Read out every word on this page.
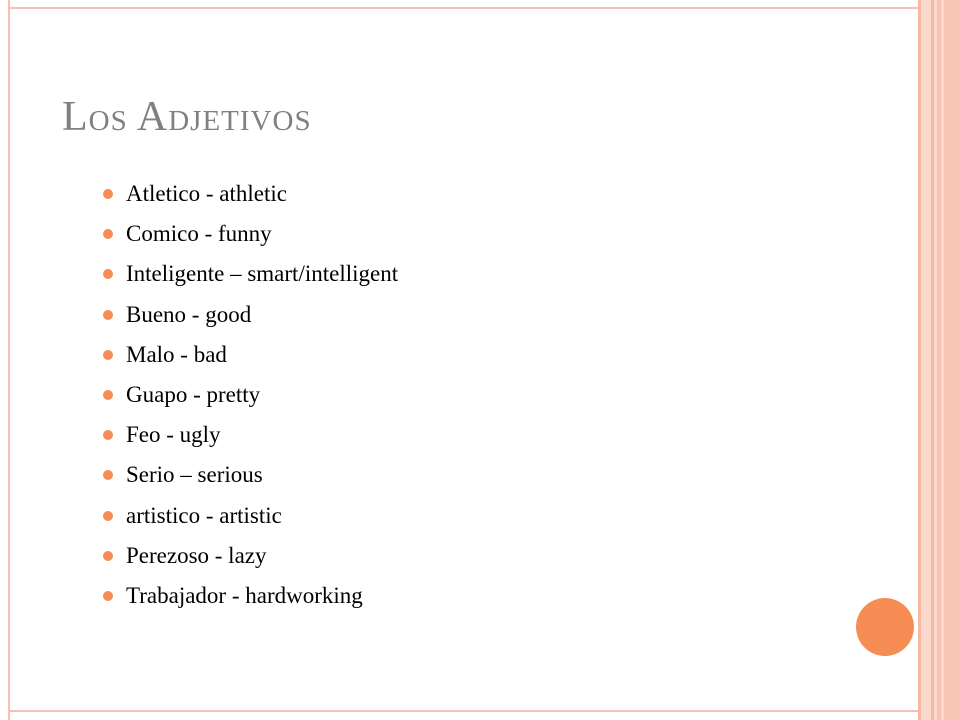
Los Adjetivos
Atletico - athletic
Comico - funny
Inteligente – smart/intelligent
Bueno - good
Malo - bad
Guapo - pretty
Feo - ugly
Serio – serious
artistico - artistic
Perezoso - lazy
Trabajador - hardworking
